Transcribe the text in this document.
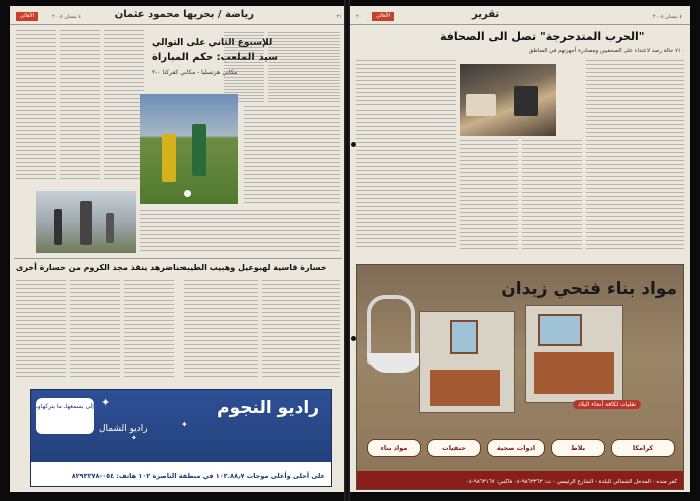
الأهالي	٤ نيسان ٢٠٠٨	رياضة / بحريها محمود عثمان	٢١
للإسبوع الثاني على التوالي
سيد الملعب: حكم المباراة
مكابي هرتسليا - مكابي كفركنا ٠-٢
خسارة قاسية لهبوعيل وهبيب الطيبة
حناضرهد ينقذ مجد الكروم من خسارة أخرى
إلى بسمعهاـ ما بتركهاوـ	راديو النجوم
راديو الشمال
✦
✦
✦
على أحلى وأعلى موجات ١٠٢.٨٨٫٧ في منطقة الناصرة ١٠٢ هاتف: ٠٥٤-٨٢٩٣٢٧٨
٢٠	الأهالي	تقرير	٤ نيسان ٢٠٠٨
"الحرب المتدحرجة" تصل الى الصحافة
٧١٠ حالة رصد لاعتداء على الصحفيين ومصادرة أجهزتهم في المناطق
مواد بناء فتحي زيدان
تقليات لكافة أنحاء البلاد
مواد بناء	حنفيات	ادوات صحية	بلاط	كرامكا
كفر منده - المدخل الشمالي للبلدة - الشارع الرئيسي - ت: ٩٨٦٣٣٦٣-٠٤ فاكس: ٩٨٦٣١٦٧-٠٤
